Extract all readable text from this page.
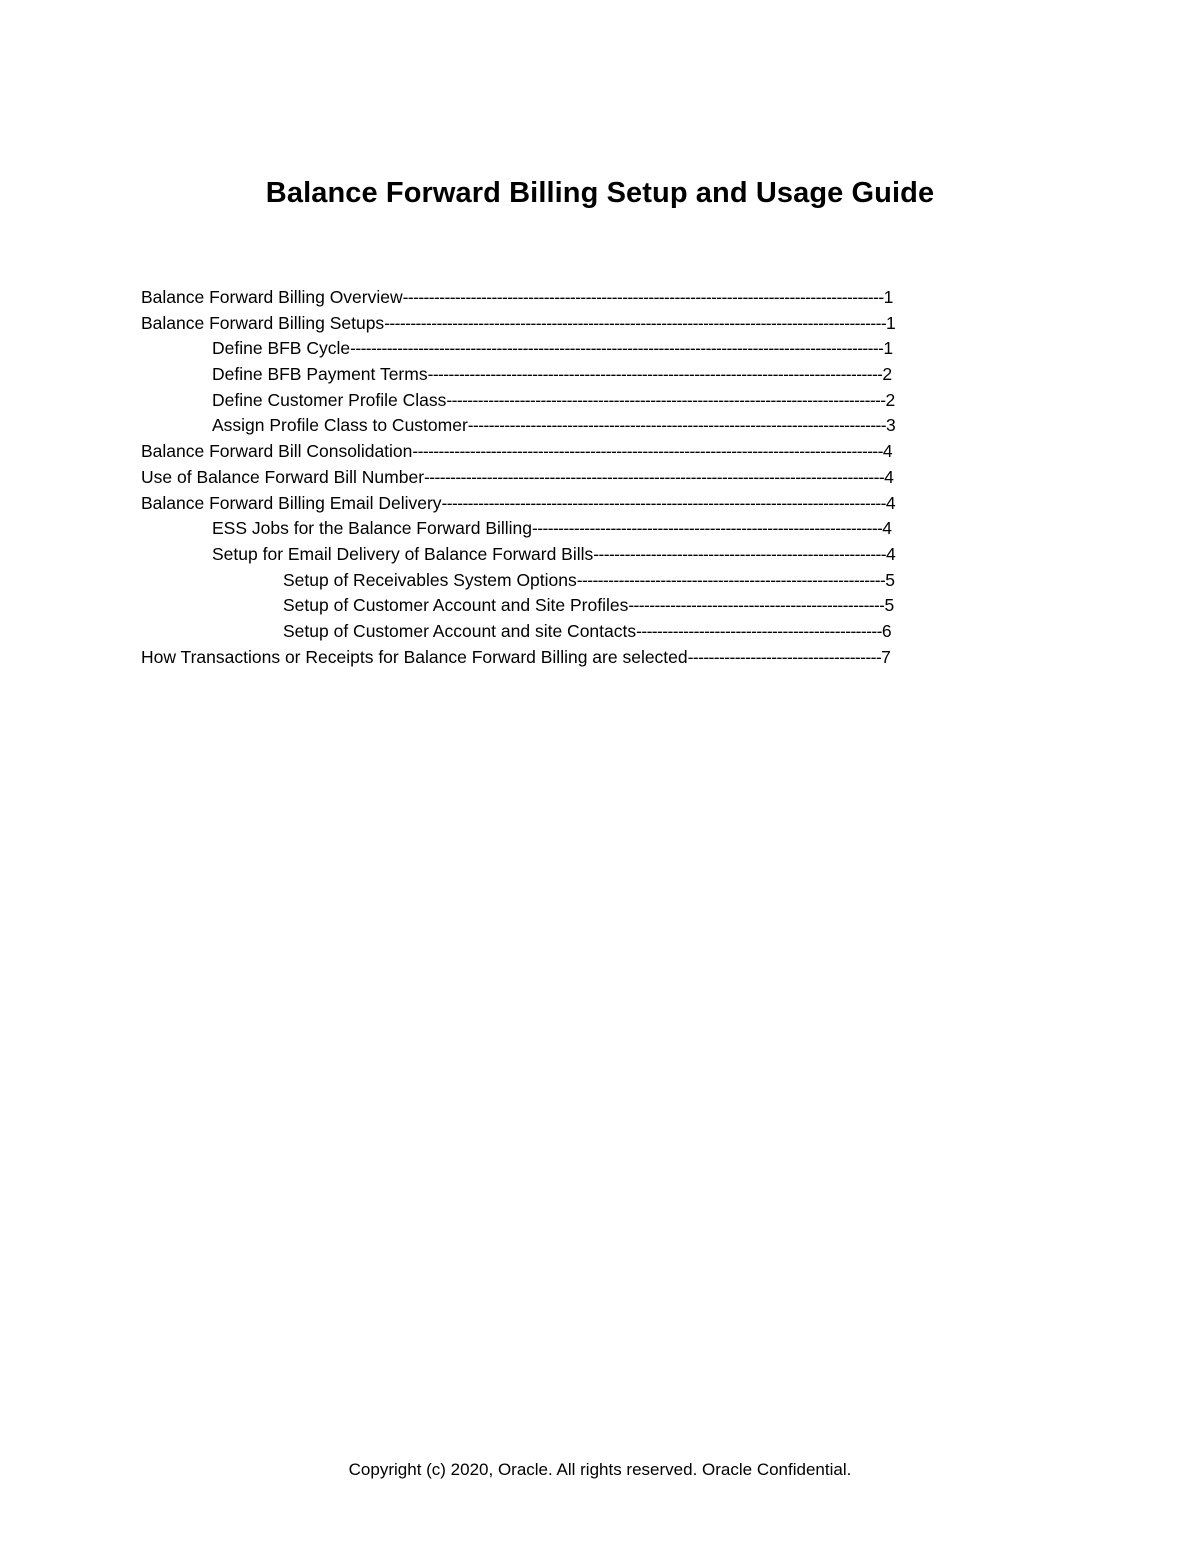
Balance Forward Billing Setup and Usage Guide
Balance Forward Billing Overview -------------------------------------------------------------------------------------------- 1
Balance Forward Billing Setups ------------------------------------------------------------------------------------------------ 1
Define BFB Cycle ------------------------------------------------------------------------------------------------------ 1
Define BFB Payment Terms --------------------------------------------------------------------------------------- 2
Define Customer Profile Class ------------------------------------------------------------------------------------ 2
Assign Profile Class to Customer -------------------------------------------------------------------------------- 3
Balance Forward Bill Consolidation ------------------------------------------------------------------------------------------ 4
Use of Balance Forward Bill Number ---------------------------------------------------------------------------------------- 4
Balance Forward Billing Email Delivery ------------------------------------------------------------------------------------- 4
ESS Jobs for the Balance Forward Billing ------------------------------------------------------------------- 4
Setup for Email Delivery of Balance Forward Bills -------------------------------------------------------- 4
Setup of Receivables System Options ----------------------------------------------------------- 5
Setup of Customer Account and Site Profiles ------------------------------------------------- 5
Setup of Customer Account and site Contacts ----------------------------------------------- 6
How Transactions or Receipts for Balance Forward Billing are selected ------------------------------------- 7

Copyright (c) 2020, Oracle. All rights reserved. Oracle Confidential.
